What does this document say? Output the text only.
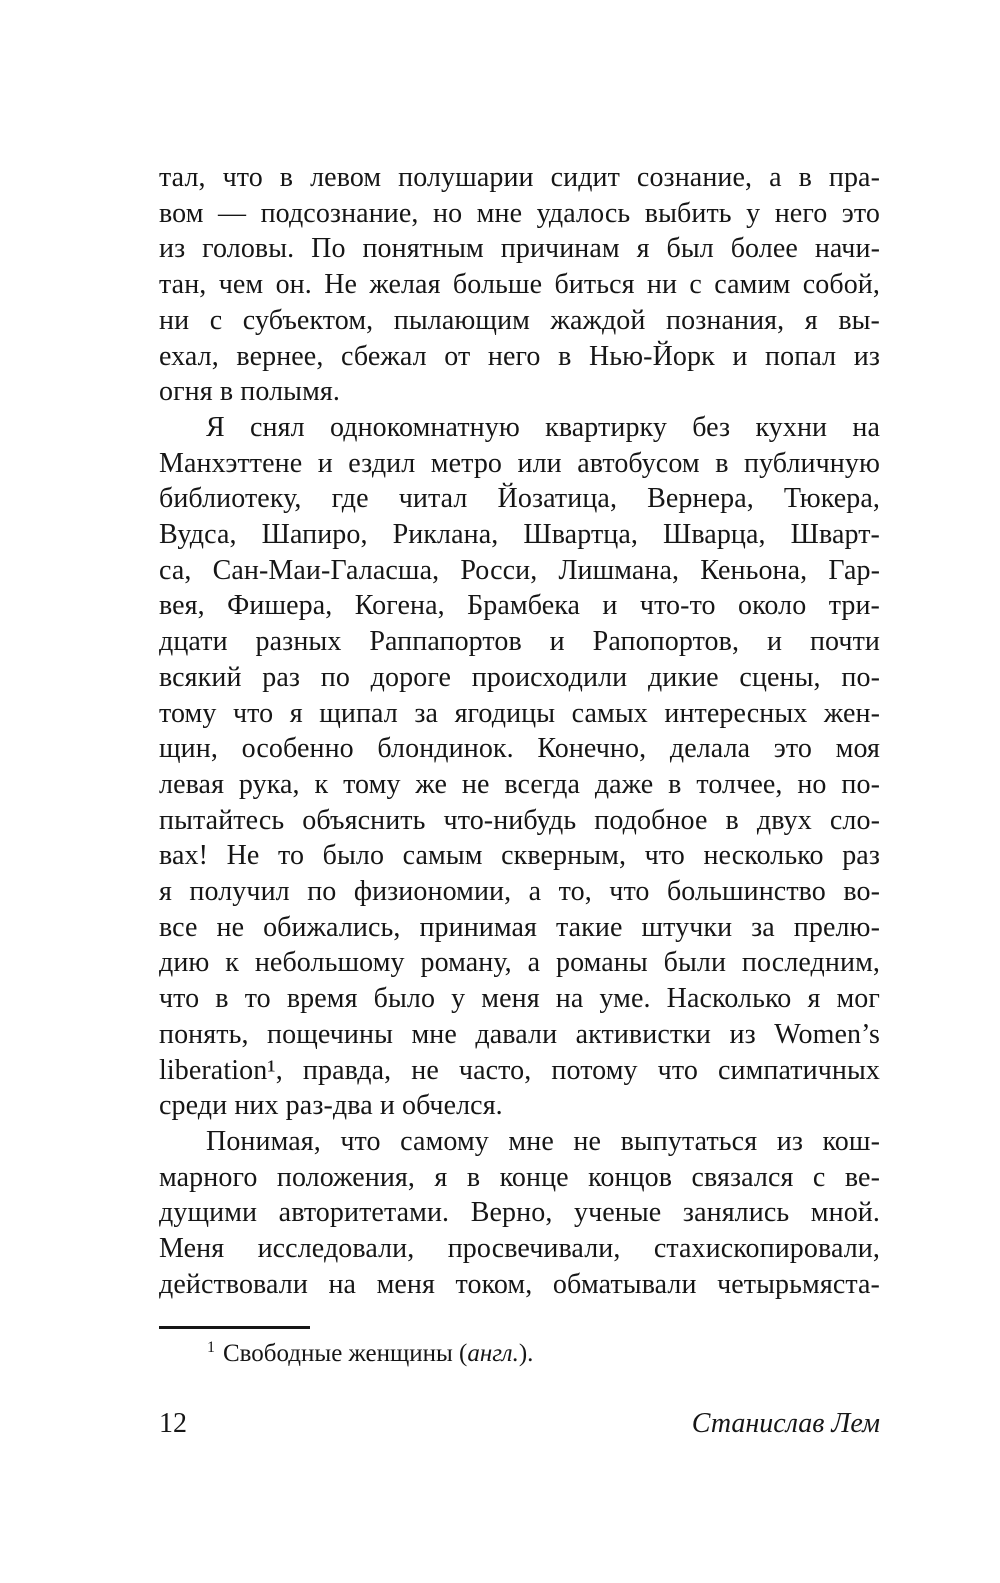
тал, что в левом полушарии сидит сознание, а в пра-
вом — подсознание, но мне удалось выбить у него это
из головы. По понятным причинам я был более начи-
тан, чем он. Не желая больше биться ни с самим собой,
ни с субъектом, пылающим жаждой познания, я вы-
ехал, вернее, сбежал от него в Нью-Йорк и попал из
огня в полымя.
Я снял однокомнатную квартирку без кухни на
Манхэттене и ездил метро или автобусом в публичную
библиотеку, где читал Йозатица, Вернера, Тюкера,
Вудса, Шапиро, Риклана, Швартца, Шварца, Шварт-
са, Сан-Маи-Галасша, Росси, Лишмана, Кеньона, Гар-
вея, Фишера, Когена, Брамбека и что-то около три-
дцати разных Раппапортов и Рапопортов, и почти
всякий раз по дороге происходили дикие сцены, по-
тому что я щипал за ягодицы самых интересных жен-
щин, особенно блондинок. Конечно, делала это моя
левая рука, к тому же не всегда даже в толчее, но по-
пытайтесь объяснить что-нибудь подобное в двух сло-
вах! Не то было самым скверным, что несколько раз
я получил по физиономии, а то, что большинство во-
все не обижались, принимая такие штучки за прелю-
дию к небольшому роману, а романы были последним,
что в то время было у меня на уме. Насколько я мог
понять, пощечины мне давали активистки из Women’s
liberation¹, правда, не часто, потому что симпатичных
среди них раз-два и обчелся.
Понимая, что самому мне не выпутаться из кош-
марного положения, я в конце концов связался с ве-
дущими авторитетами. Верно, ученые занялись мной.
Меня исследовали, просвечивали, стахископировали,
действовали на меня током, обматывали четырьмяста-
$^1$ Свободные женщины (англ.).
12	Станислав Лем
